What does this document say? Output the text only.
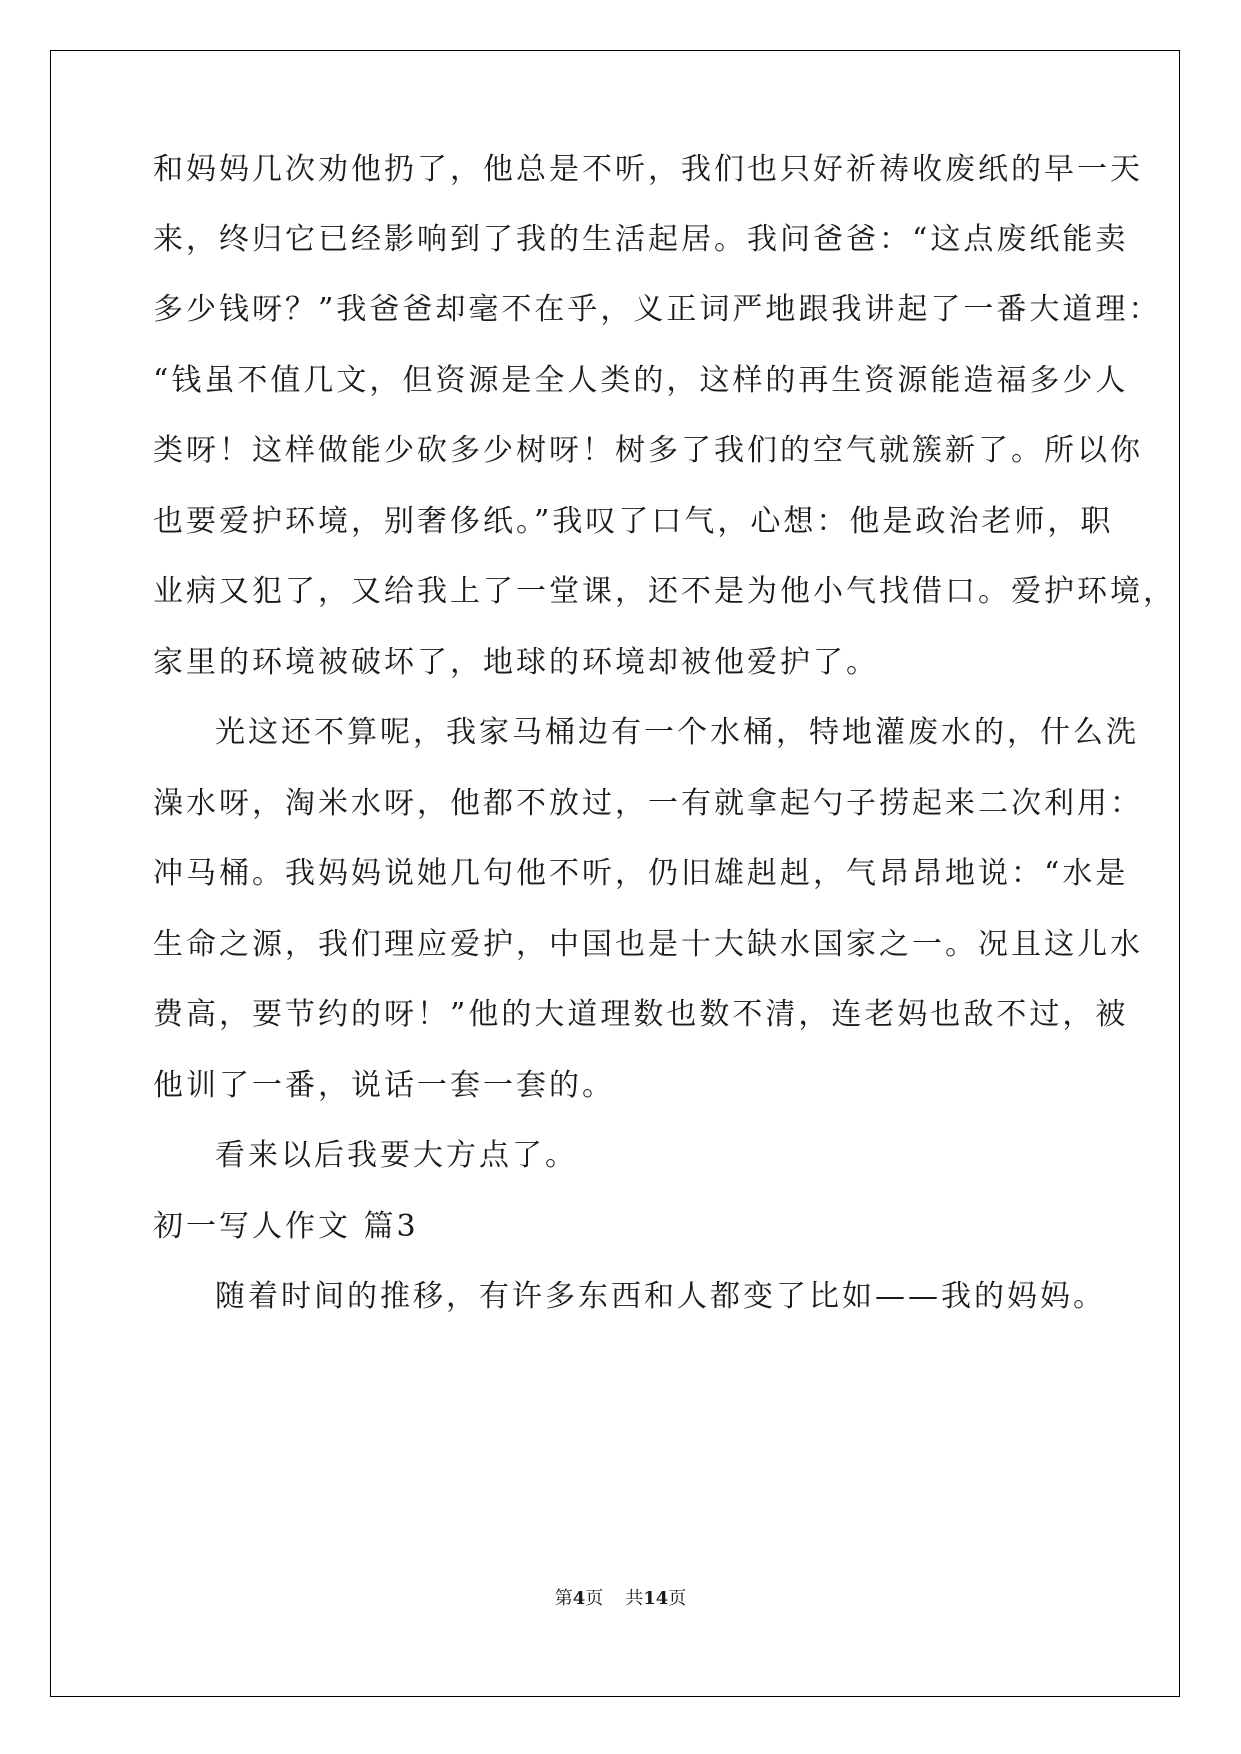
和妈妈几次劝他扔了，他总是不听，我们也只好祈祷收废纸的早一天
来，终归它已经影响到了我的生活起居。我问爸爸：“这点废纸能卖
多少钱呀？”我爸爸却毫不在乎，义正词严地跟我讲起了一番大道理：
“钱虽不值几文，但资源是全人类的，这样的再生资源能造福多少人
类呀！这样做能少砍多少树呀！树多了我们的空气就簇新了。所以你
也要爱护环境，别奢侈纸。”我叹了口气，心想：他是政治老师，职
业病又犯了，又给我上了一堂课，还不是为他小气找借口。爱护环境，
家里的环境被破坏了，地球的环境却被他爱护了。
光这还不算呢，我家马桶边有一个水桶，特地灌废水的，什么洗
澡水呀，淘米水呀，他都不放过，一有就拿起勺子捞起来二次利用：
冲马桶。我妈妈说她几句他不听，仍旧雄赳赳，气昂昂地说：“水是
生命之源，我们理应爱护，中国也是十大缺水国家之一。况且这儿水
费高，要节约的呀！”他的大道理数也数不清，连老妈也敌不过，被
他训了一番，说话一套一套的。
看来以后我要大方点了。
初一写人作文 篇3
随着时间的推移，有许多东西和人都变了比如——我的妈妈。
第4页 共14页
